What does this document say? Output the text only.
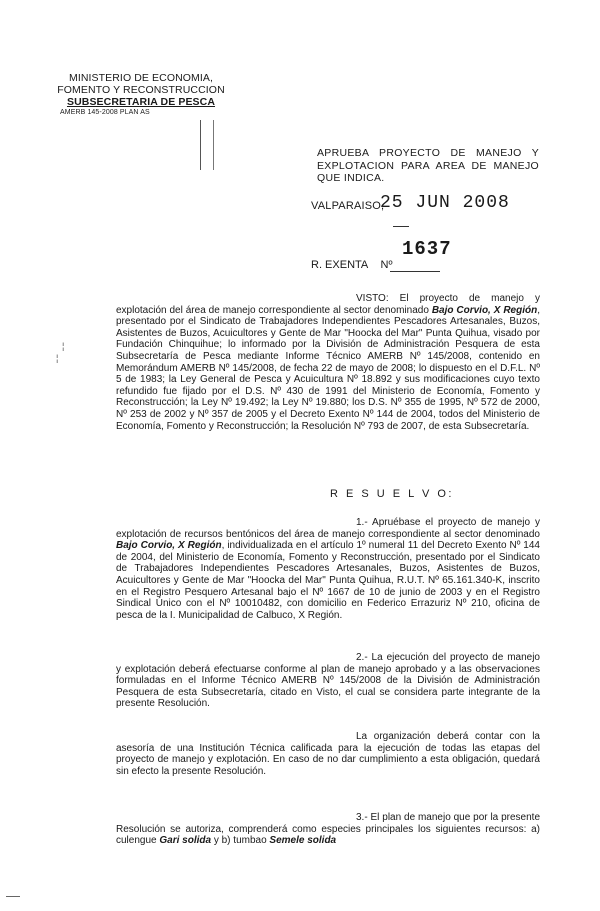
MINISTERIO DE ECONOMIA,
FOMENTO Y RECONSTRUCCION
SUBSECRETARIA DE PESCA
AMERB 145-2008 PLAN AS
APRUEBA PROYECTO DE MANEJO Y EXPLOTACION PARA AREA DE MANEJO QUE INDICA.
VALPARAISO,
25 JUN 2008
1637
R. EXENTA Nº

VISTO: El proyecto de manejo y explotación del área de manejo correspondiente al sector denominado Bajo Corvio, X Región, presentado por el Sindicato de Trabajadores Independientes Pescadores Artesanales, Buzos, Asistentes de Buzos, Acuicultores y Gente de Mar "Hoocka del Mar" Punta Quihua, visado por Fundación Chinquihue; lo informado por la División de Administración Pesquera de esta Subsecretaría de Pesca mediante Informe Técnico AMERB Nº 145/2008, contenido en Memorándum AMERB Nº 145/2008, de fecha 22 de mayo de 2008; lo dispuesto en el D.F.L. Nº 5 de 1983; la Ley General de Pesca y Acuicultura Nº 18.892 y sus modificaciones cuyo texto refundido fue fijado por el D.S. Nº 430 de 1991 del Ministerio de Economía, Fomento y Reconstrucción; la Ley Nº 19.492; la Ley Nº 19.880; los D.S. Nº 355 de 1995, Nº 572 de 2000, Nº 253 de 2002 y Nº 357 de 2005 y el Decreto Exento Nº 144 de 2004, todos del Ministerio de Economía, Fomento y Reconstrucción; la Resolución Nº 793 de 2007, de esta Subsecretaría.

¦
¦
R E S U E L V O:

1.- Apruébase el proyecto de manejo y explotación de recursos bentónicos del área de manejo correspondiente al sector denominado Bajo Corvio, X Región, individualizada en el artículo 1º numeral 11 del Decreto Exento Nº 144 de 2004, del Ministerio de Economía, Fomento y Reconstrucción, presentado por el Sindicato de Trabajadores Independientes Pescadores Artesanales, Buzos, Asistentes de Buzos, Acuicultores y Gente de Mar "Hoocka del Mar" Punta Quihua, R.U.T. Nº 65.161.340-K, inscrito en el Registro Pesquero Artesanal bajo el Nº 1667 de 10 de junio de 2003 y en el Registro Sindical Único con el Nº 10010482, con domicilio en Federico Errazuriz Nº 210, oficina de pesca de la I. Municipalidad de Calbuco, X Región.

2.- La ejecución del proyecto de manejo y explotación deberá efectuarse conforme al plan de manejo aprobado y a las observaciones formuladas en el Informe Técnico AMERB Nº 145/2008 de la División de Administración Pesquera de esta Subsecretaría, citado en Visto, el cual se considera parte integrante de la presente Resolución.

La organización deberá contar con la asesoría de una Institución Técnica calificada para la ejecución de todas las etapas del proyecto de manejo y explotación. En caso de no dar cumplimiento a esta obligación, quedará sin efecto la presente Resolución.

3.- El plan de manejo que por la presente Resolución se autoriza, comprenderá como especies principales los siguientes recursos: a) culengue Gari solida y b) tumbao Semele solida
